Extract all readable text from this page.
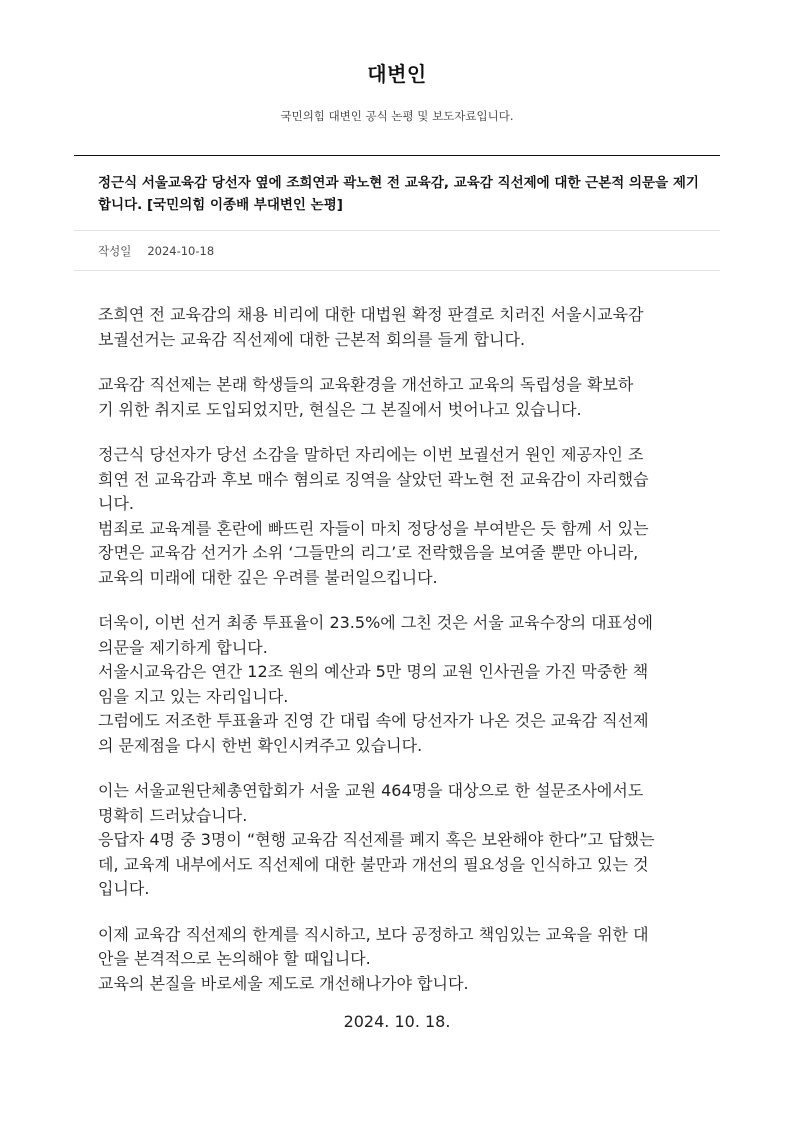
대변인
국민의힘 대변인 공식 논평 및 보도자료입니다.
정근식 서울교육감 당선자 옆에 조희연과 곽노현 전 교육감, 교육감 직선제에 대한 근본적 의문을 제기
합니다. [국민의힘 이종배 부대변인 논평]
작성일 2024-10-18

조희연 전 교육감의 채용 비리에 대한 대법원 확정 판결로 치러진 서울시교육감
보궐선거는 교육감 직선제에 대한 근본적 회의를 들게 합니다.

교육감 직선제는 본래 학생들의 교육환경을 개선하고 교육의 독립성을 확보하
기 위한 취지로 도입되었지만, 현실은 그 본질에서 벗어나고 있습니다.

정근식 당선자가 당선 소감을 말하던 자리에는 이번 보궐선거 원인 제공자인 조
희연 전 교육감과 후보 매수 혐의로 징역을 살았던 곽노현 전 교육감이 자리했습
니다.
범죄로 교육계를 혼란에 빠뜨린 자들이 마치 정당성을 부여받은 듯 함께 서 있는
장면은 교육감 선거가 소위 ‘그들만의 리그’로 전락했음을 보여줄 뿐만 아니라,
교육의 미래에 대한 깊은 우려를 불러일으킵니다.

더욱이, 이번 선거 최종 투표율이 23.5%에 그친 것은 서울 교육수장의 대표성에
의문을 제기하게 합니다.
서울시교육감은 연간 12조 원의 예산과 5만 명의 교원 인사권을 가진 막중한 책
임을 지고 있는 자리입니다.
그럼에도 저조한 투표율과 진영 간 대립 속에 당선자가 나온 것은 교육감 직선제
의 문제점을 다시 한번 확인시켜주고 있습니다.

이는 서울교원단체총연합회가 서울 교원 464명을 대상으로 한 설문조사에서도
명확히 드러났습니다.
응답자 4명 중 3명이 “현행 교육감 직선제를 폐지 혹은 보완해야 한다”고 답했는
데, 교육계 내부에서도 직선제에 대한 불만과 개선의 필요성을 인식하고 있는 것
입니다.

이제 교육감 직선제의 한계를 직시하고, 보다 공정하고 책임있는 교육을 위한 대
안을 본격적으로 논의해야 할 때입니다.
교육의 본질을 바로세울 제도로 개선해나가야 합니다.

2024. 10. 18.
